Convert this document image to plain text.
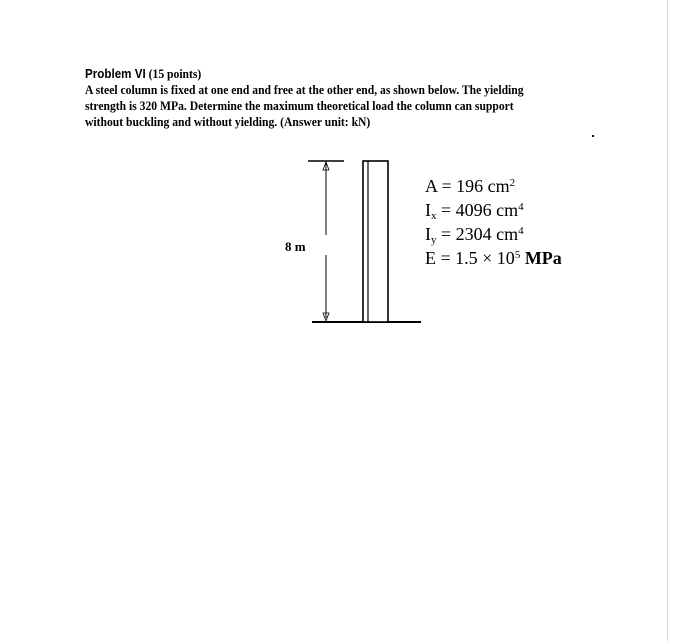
Problem VI (15 points)
A steel column is fixed at one end and free at the other end, as shown below. The yielding
strength is 320 MPa. Determine the maximum theoretical load the column can support
without buckling and without yielding. (Answer unit: kN)
8 m
A = 196 $cm^2$
$I_x = 4096$ $cm^4$
$I_y = 2304$ $cm^4$
$E = 1.5 \times 10^5$ MPa
